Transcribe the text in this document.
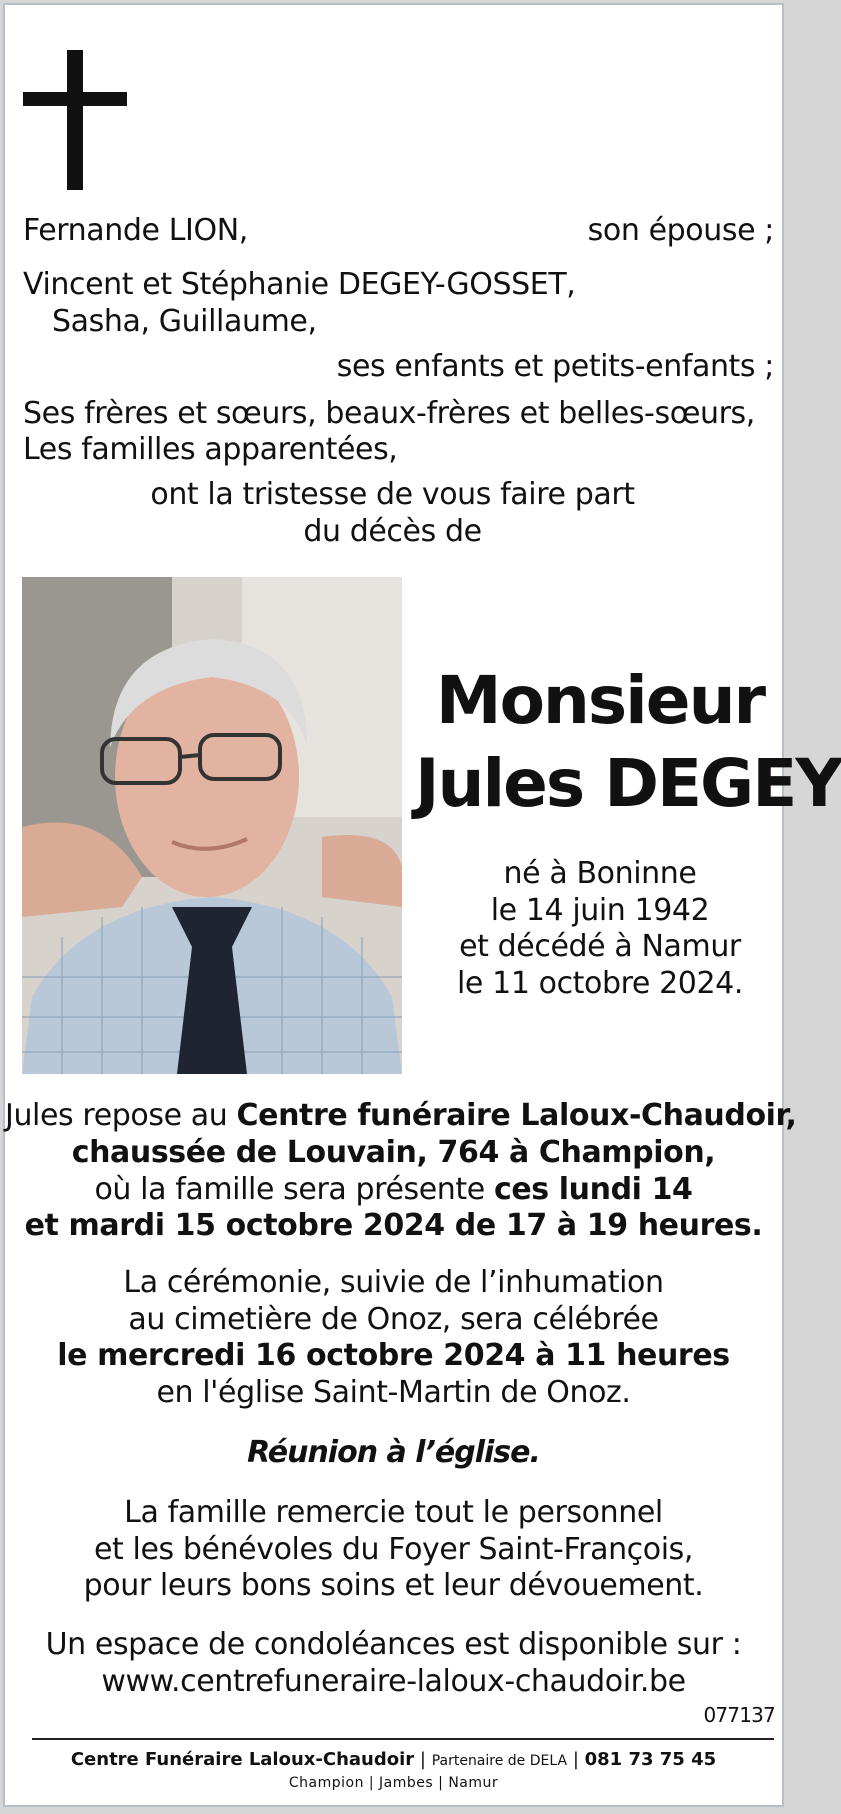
Fernande LION,	son épouse ;
Vincent et Stéphanie DEGEY-GOSSET,
Sasha, Guillaume,
ses enfants et petits-enfants ;
Ses frères et sœurs, beaux-frères et belles-sœurs,
Les familles apparentées,
ont la tristesse de vous faire part
du décès de
Monsieur
Jules DEGEY
né à Boninne
le 14 juin 1942
et décédé à Namur
le 11 octobre 2024.
Jules repose au Centre funéraire Laloux-Chaudoir,
chaussée de Louvain, 764 à Champion,
où la famille sera présente ces lundi 14
et mardi 15 octobre 2024 de 17 à 19 heures.
La cérémonie, suivie de l’inhumation
au cimetière de Onoz, sera célébrée
le mercredi 16 octobre 2024 à 11 heures
en l'église Saint-Martin de Onoz.
Réunion à l’église.
La famille remercie tout le personnel
et les bénévoles du Foyer Saint-François,
pour leurs bons soins et leur dévouement.
Un espace de condoléances est disponible sur :
www.centrefuneraire-laloux-chaudoir.be
077137
Centre Funéraire Laloux-Chaudoir | Partenaire de DELA | 081 73 75 45
Champion | Jambes | Namur
